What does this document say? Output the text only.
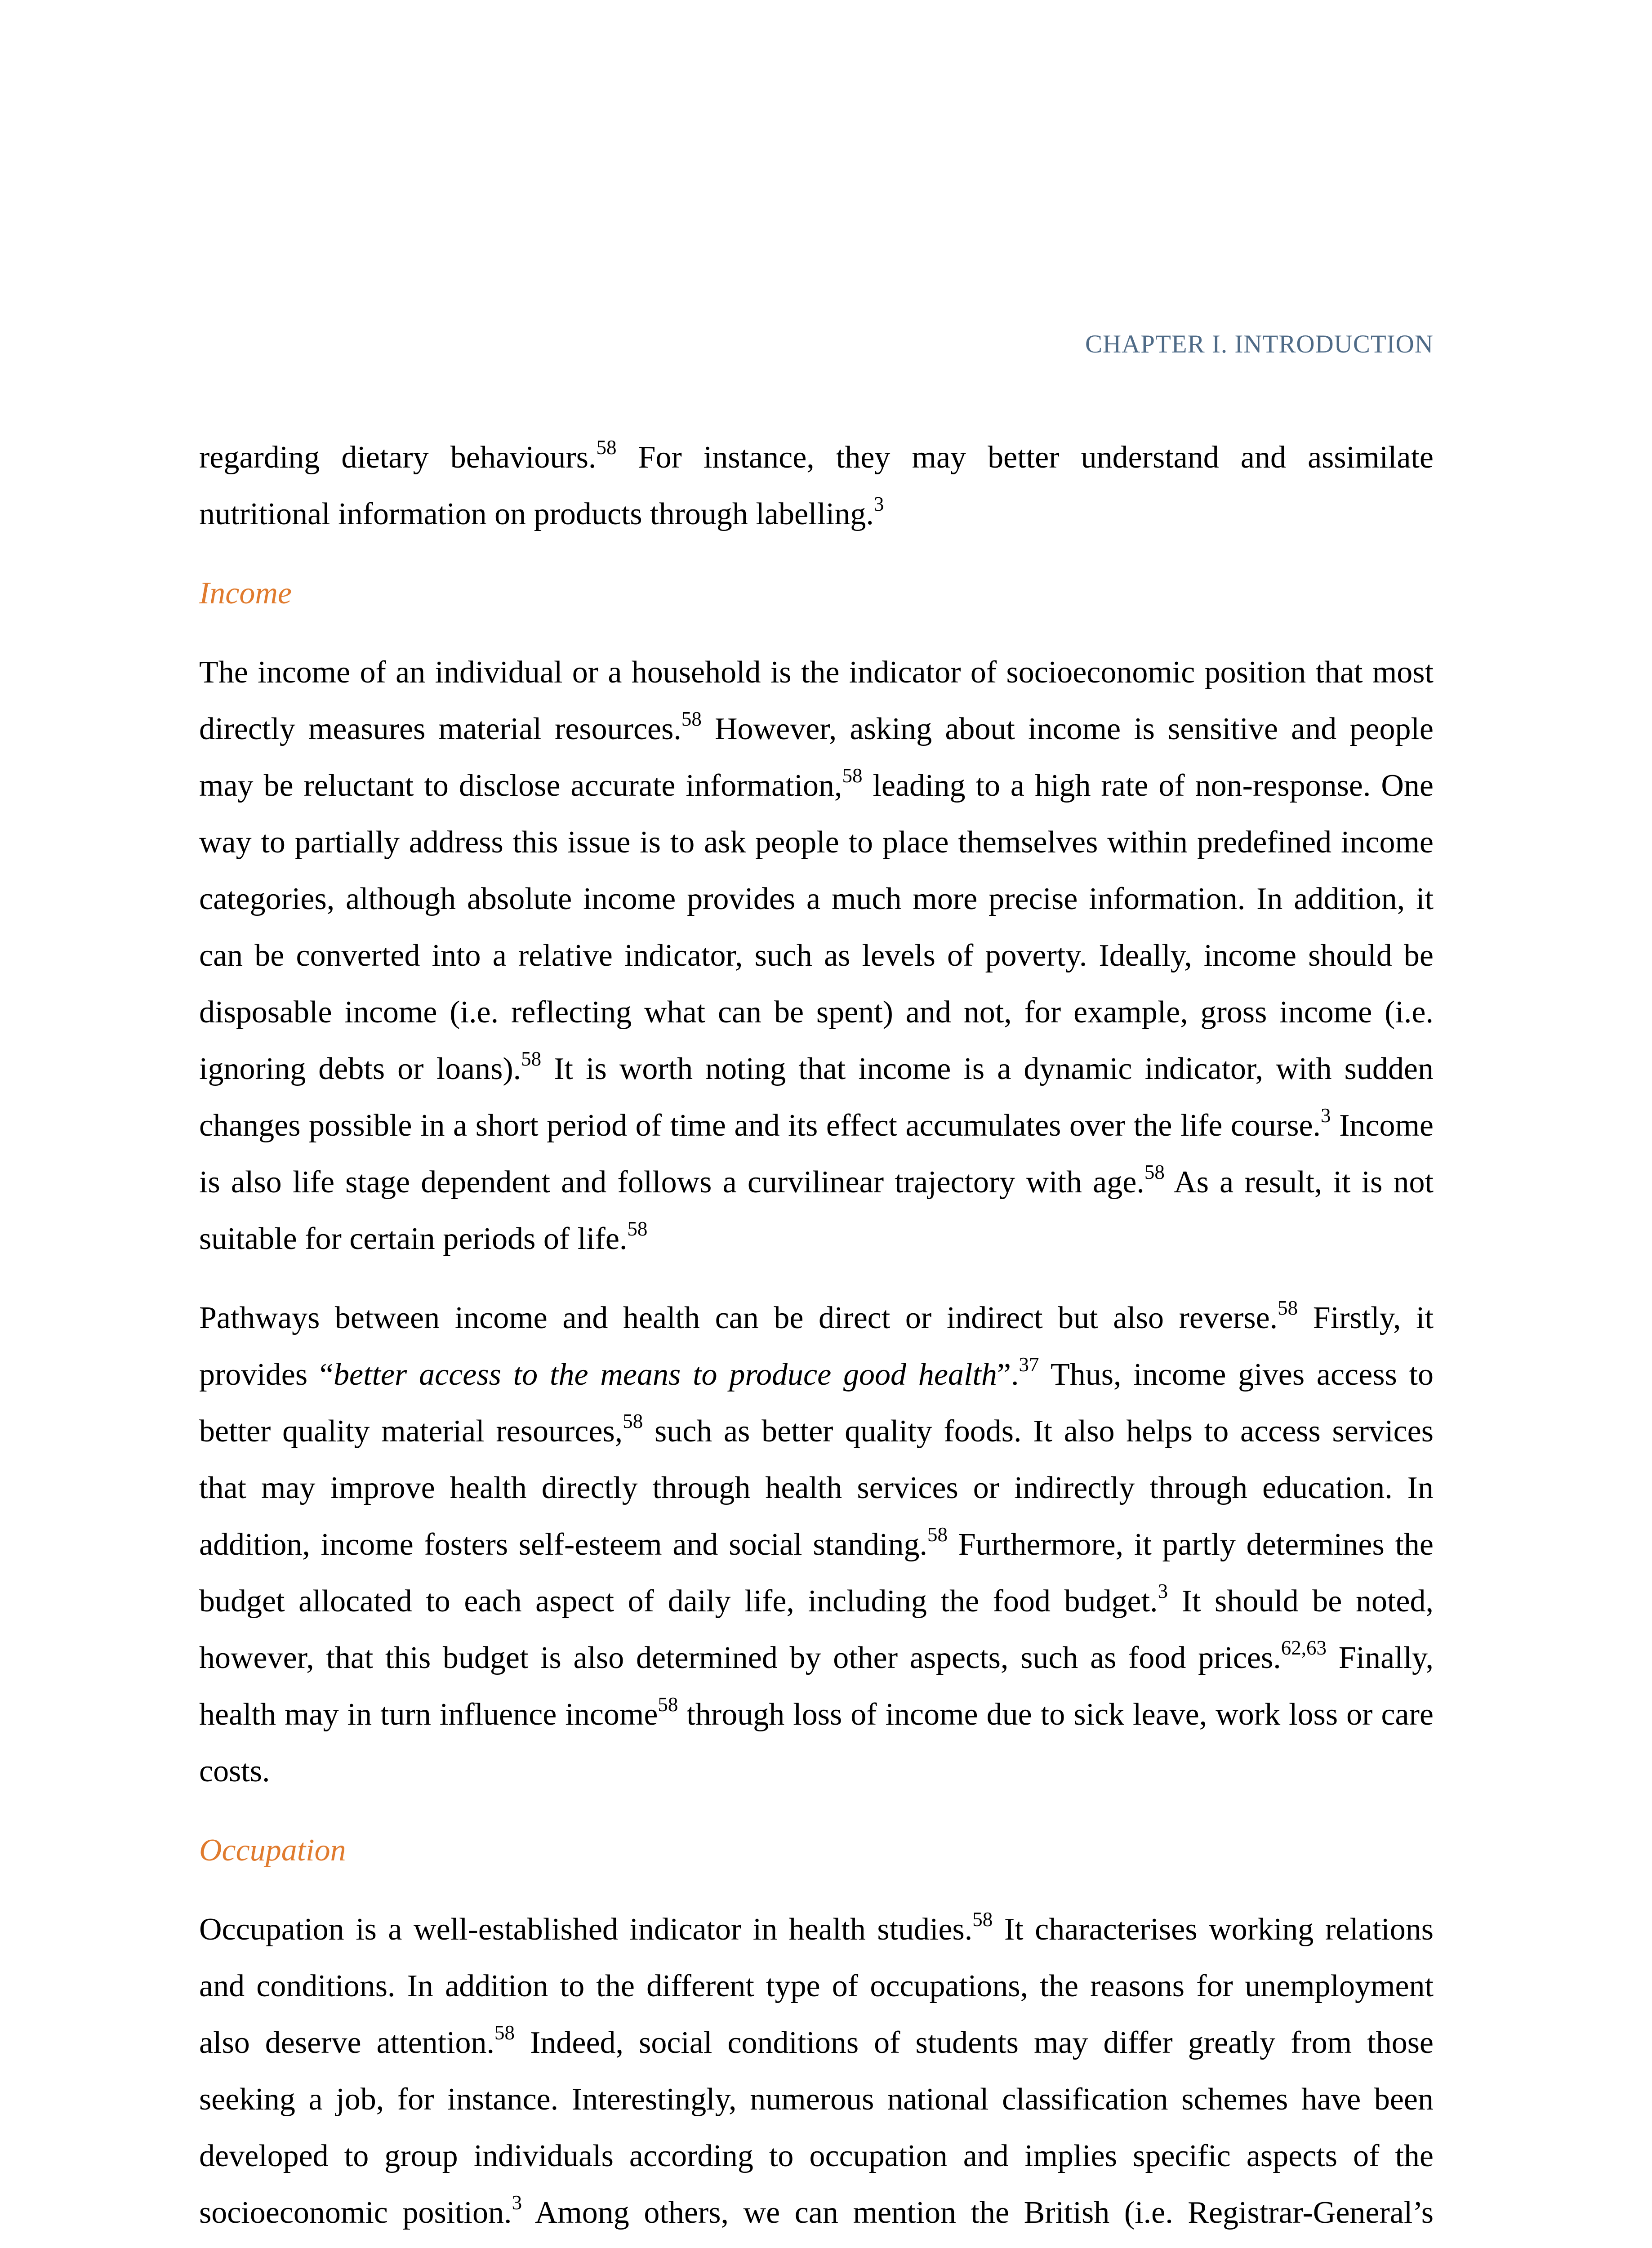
CHAPTER I. INTRODUCTION

regarding dietary behaviours.$^{58}$ For instance, they may better understand and assimilate nutritional information on products through labelling.$^3$

Income

The income of an individual or a household is the indicator of socioeconomic position that most directly measures material resources.$^{58}$ However, asking about income is sensitive and people may be reluctant to disclose accurate information,$^{58}$ leading to a high rate of non-response. One way to partially address this issue is to ask people to place themselves within predefined income categories, although absolute income provides a much more precise information. In addition, it can be converted into a relative indicator, such as levels of poverty. Ideally, income should be disposable income (i.e. reflecting what can be spent) and not, for example, gross income (i.e. ignoring debts or loans).$^{58}$ It is worth noting that income is a dynamic indicator, with sudden changes possible in a short period of time and its effect accumulates over the life course.$^3$ Income is also life stage dependent and follows a curvilinear trajectory with age.$^{58}$ As a result, it is not suitable for certain periods of life.$^{58}$

Pathways between income and health can be direct or indirect but also reverse.$^{58}$ Firstly, it provides “better access to the means to produce good health”.$^{37}$ Thus, income gives access to better quality material resources,$^{58}$ such as better quality foods. It also helps to access services that may improve health directly through health services or indirectly through education. In addition, income fosters self-esteem and social standing.$^{58}$ Furthermore, it partly determines the budget allocated to each aspect of daily life, including the food budget.$^3$ It should be noted, however, that this budget is also determined by other aspects, such as food prices.$^{62,63}$ Finally, health may in turn influence income$^{58}$ through loss of income due to sick leave, work loss or care costs.

Occupation

Occupation is a well-established indicator in health studies.$^{58}$ It characterises working relations and conditions. In addition to the different type of occupations, the reasons for unemployment also deserve attention.$^{58}$ Indeed, social conditions of students may differ greatly from those seeking a job, for instance. Interestingly, numerous national classification schemes have been developed to group individuals according to occupation and implies specific aspects of the socioeconomic position.$^3$ Among others, we can mention the British (i.e. Registrar-General’s
